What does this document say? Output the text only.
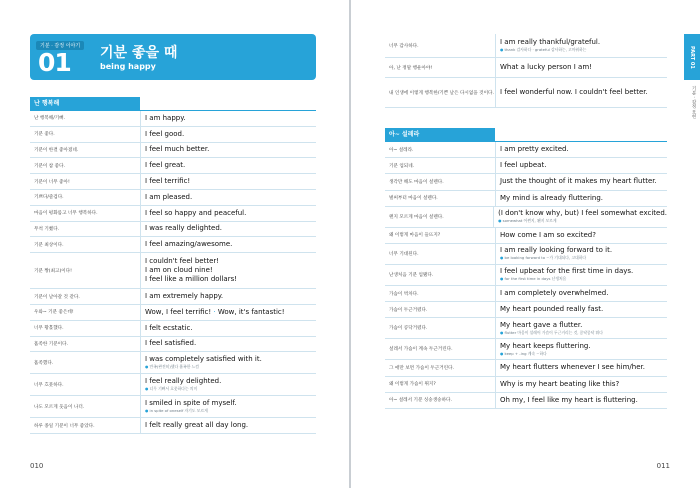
기분 · 감정 이야기
01 기분 좋을 때
being happy
난 행복해
난 행복해/기뻐.	I am happy.
기분 좋다.	I feel good.
기분이 한결 좋아졌네.	I feel much better.
기분이 참 좋다.	I feel great.
기분이 너무 좋아!	I feel terrific!
기쁘다/즐겁다.	I am pleased.
마음이 평화롭고 너무 행복하다.	I feel so happy and peaceful.
무척 기뻤다.	I was really delighted.
기분 최상이다.	I feel amazing/awesome.
기분 짱(최고)이다!
I couldn't feel better!
I am on cloud nine!
I feel like a million dollars!
기분이 날아갈 것 같다.	I am extremely happy.
우와~ 기분 좋은데!	Wow, I feel terrific! · Wow, it's fantastic!
너무 황홀했다.	I felt ecstatic.
흡족한 기분이다.	I feel satisfied.
흡족했다.	I was completely satisfied with it.
● 만족(완전히)했다 흡족한 느낌
너무 흐뭇하다.	I feel really delighted.
● 너무 기뻐서 흐뭇하다는 의미
나도 모르게 웃음이 나더.	I smiled in spite of myself.
● in spite of oneself 자기도 모르게
하루 종일 기분이 너무 좋았다.	I felt really great all day long.
010
PART 01
기분 · 감정 표현
너무 감사하다.	I am really thankful/grateful.
● thank 감사하다 · grateful 감사하는, 고마워하는
아, 난 정말 행운아야!	What a lucky person I am!
내 인생에 이렇게 행복한/기쁜 날은 다시없을 것이다. I feel wonderful now. I couldn't feel better.
아~ 설레라
아~ 설레라.	I am pretty excited.
기분 업되네.	I feel upbeat.
생각만 해도 마음이 설렌다.	Just the thought of it makes my heart flutter.
벌써부터 마음이 설렌다.	My mind is already fluttering.
왠지 모르게 마음이 설렌다.	(I don't know why, but) I feel somewhat excited.
● somewhat 어쩐지, 왠지 모르게
왜 이렇게 마음이 들뜨지?	How come I am so excited?
너무 기대된다.	I am really looking forward to it.
● be looking forward to ~가 기대되다, 고대하다
난생처음 기분 업됐다.	I feel upbeat for the first time in days.
● for the first time in days 난생처음
가슴이 벅차다.	I am completely overwhelmed.
가슴이 두근거렸다.	My heart pounded really fast.
가슴이 콩닥거렸다.	My heart gave a flutter.
● flutter 마음이 설레어 가슴이 두근거리는 것, 콩닥콩닥 뛰다
설레서 가슴이 계속 두근거린다.	My heart keeps fluttering.
● keep + -ing 계속 ~하다
그 애만 보면 가슴이 두근거린다.	My heart flutters whenever I see him/her.
왜 이렇게 가슴이 뛰지?	Why is my heart beating like this?
아~ 설레서 기분 싱숭생숭하다.	Oh my, I feel like my heart is fluttering.
011
